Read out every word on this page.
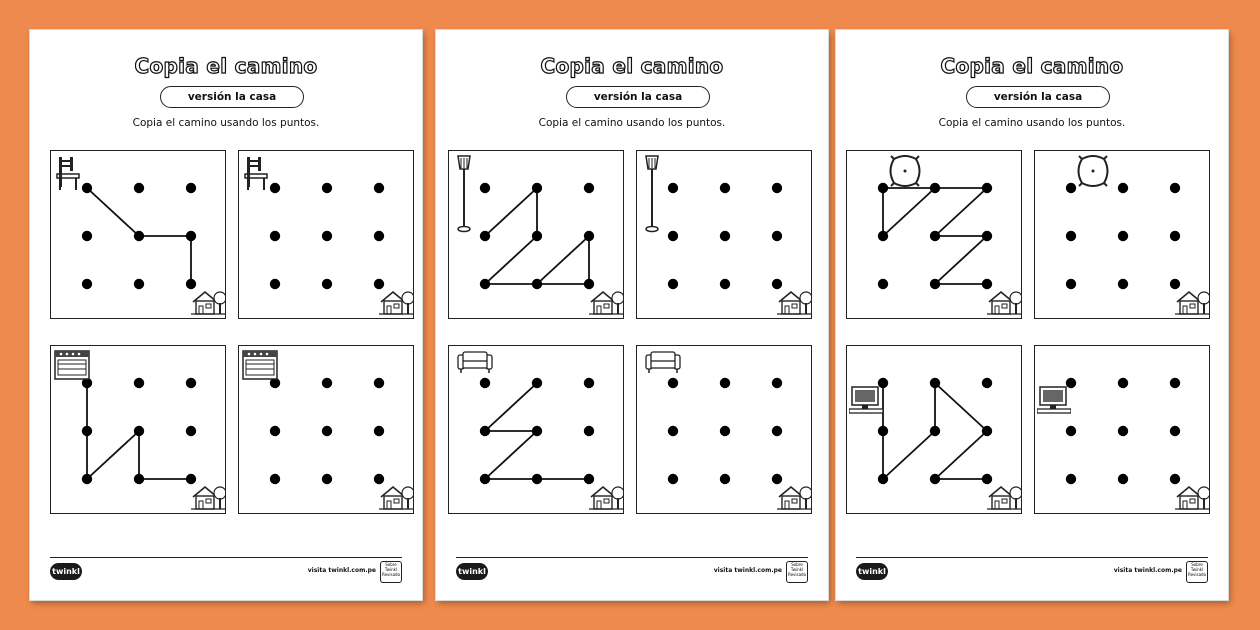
Copia el camino
versión la casa
Copia el camino usando los puntos.
twinkl	visita twinkl.com.pe
Sobre
Twinkl
Revisado
Copia el camino
versión la casa
Copia el camino usando los puntos.
twinkl	visita twinkl.com.pe
Sobre
Twinkl
Revisado
Copia el camino
versión la casa
Copia el camino usando los puntos.
twinkl	visita twinkl.com.pe
Sobre
Twinkl
Revisado
